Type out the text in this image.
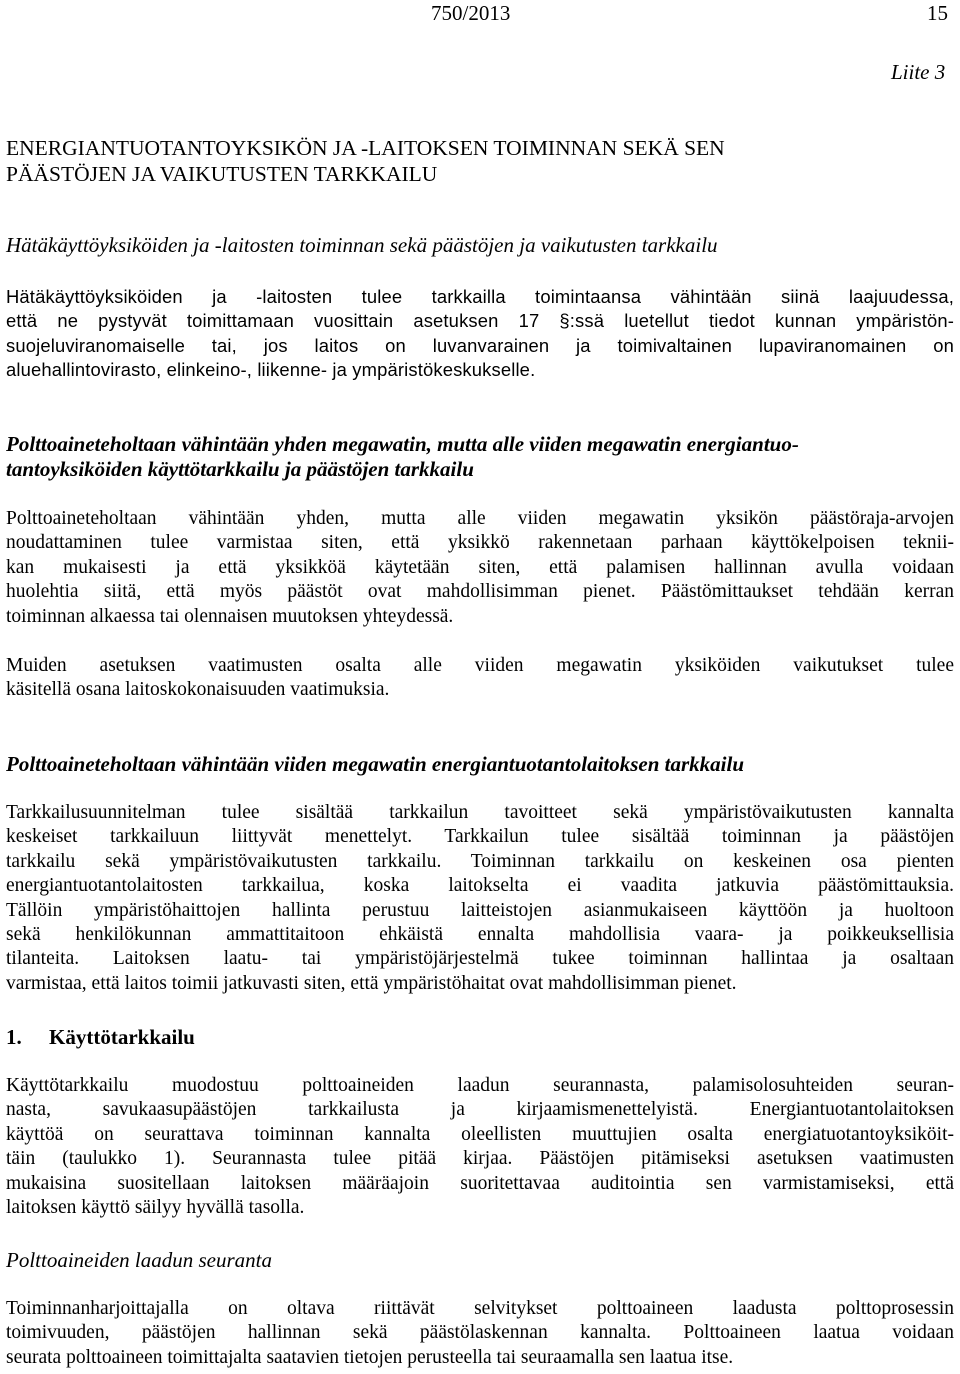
750/2013	15
Liite 3
ENERGIANTUOTANTOYKSIKÖN JA -LAITOKSEN TOIMINNAN SEKÄ SEN
PÄÄSTÖJEN JA VAIKUTUSTEN TARKKAILU
Hätäkäyttöyksiköiden ja -laitosten toiminnan sekä päästöjen ja vaikutusten tarkkailu
Hätäkäyttöyksiköiden ja -laitosten tulee tarkkailla toimintaansa vähintään siinä laajuudessa,
että ne pystyvät toimittamaan vuosittain asetuksen 17 §:ssä luetellut tiedot kunnan ympäristön-
suojeluviranomaiselle tai, jos laitos on luvanvarainen ja toimivaltainen lupaviranomainen on
aluehallintovirasto, elinkeino-, liikenne- ja ympäristökeskukselle.
Polttoaineteholtaan vähintään yhden megawatin, mutta alle viiden megawatin energiantuo-
tantoyksiköiden käyttötarkkailu ja päästöjen tarkkailu
Polttoaineteholtaan vähintään yhden, mutta alle viiden megawatin yksikön päästöraja-arvojen
noudattaminen tulee varmistaa siten, että yksikkö rakennetaan parhaan käyttökelpoisen teknii-
kan mukaisesti ja että yksikköä käytetään siten, että palamisen hallinnan avulla voidaan
huolehtia siitä, että myös päästöt ovat mahdollisimman pienet. Päästömittaukset tehdään kerran
toiminnan alkaessa tai olennaisen muutoksen yhteydessä.
Muiden asetuksen vaatimusten osalta alle viiden megawatin yksiköiden vaikutukset tulee
käsitellä osana laitoskokonaisuuden vaatimuksia.
Polttoaineteholtaan vähintään viiden megawatin energiantuotantolaitoksen tarkkailu
Tarkkailusuunnitelman tulee sisältää tarkkailun tavoitteet sekä ympäristövaikutusten kannalta
keskeiset tarkkailuun liittyvät menettelyt. Tarkkailun tulee sisältää toiminnan ja päästöjen
tarkkailu sekä ympäristövaikutusten tarkkailu. Toiminnan tarkkailu on keskeinen osa pienten
energiantuotantolaitosten tarkkailua, koska laitokselta ei vaadita jatkuvia päästömittauksia.
Tällöin ympäristöhaittojen hallinta perustuu laitteistojen asianmukaiseen käyttöön ja huoltoon
sekä henkilökunnan ammattitaitoon ehkäistä ennalta mahdollisia vaara- ja poikkeuksellisia
tilanteita. Laitoksen laatu- tai ympäristöjärjestelmä tukee toiminnan hallintaa ja osaltaan
varmistaa, että laitos toimii jatkuvasti siten, että ympäristöhaitat ovat mahdollisimman pienet.
1. Käyttötarkkailu
Käyttötarkkailu muodostuu polttoaineiden laadun seurannasta, palamisolosuhteiden seuran-
nasta, savukaasupäästöjen tarkkailusta ja kirjaamismenettelyistä. Energiantuotantolaitoksen
käyttöä on seurattava toiminnan kannalta oleellisten muuttujien osalta energiatuotantoyksiköit-
täin (taulukko 1). Seurannasta tulee pitää kirjaa. Päästöjen pitämiseksi asetuksen vaatimusten
mukaisina suositellaan laitoksen määräajoin suoritettavaa auditointia sen varmistamiseksi, että
laitoksen käyttö säilyy hyvällä tasolla.
Polttoaineiden laadun seuranta
Toiminnanharjoittajalla on oltava riittävät selvitykset polttoaineen laadusta polttoprosessin
toimivuuden, päästöjen hallinnan sekä päästölaskennan kannalta. Polttoaineen laatua voidaan
seurata polttoaineen toimittajalta saatavien tietojen perusteella tai seuraamalla sen laatua itse.
